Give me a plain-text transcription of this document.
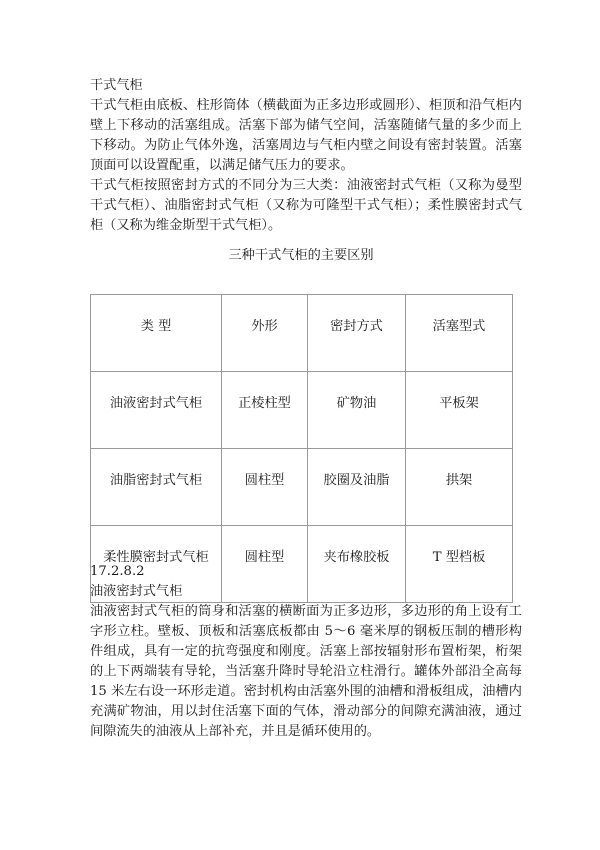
干式气柜

干式气柜由底板、柱形筒体（横截面为正多边形或圆形）、柜顶和沿气柜内壁上下移动的活塞组成。活塞下部为储气空间，活塞随储气量的多少而上下移动。为防止气体外逸，活塞周边与气柜内壁之间设有密封装置。活塞顶面可以设置配重，以满足储气压力的要求。

干式气柜按照密封方式的不同分为三大类：油液密封式气柜（又称为曼型干式气柜）、油脂密封式气柜（又称为可隆型干式气柜）；柔性膜密封式气柜（又称为维金斯型干式气柜）。

三种干式气柜的主要区别
类 型	外形	密封方式	活塞型式
油液密封式气柜	正棱柱型	矿物油	平板架
油脂密封式气柜	圆柱型	胶圈及油脂	拱架
柔性膜密封式气柜	圆柱型	夹布橡胶板	T 型档板

17.2.8.2

油液密封式气柜

油液密封式气柜的筒身和活塞的横断面为正多边形，多边形的角上设有工字形立柱。壁板、顶板和活塞底板都由 5～6 毫米厚的钢板压制的槽形构件组成，具有一定的抗弯强度和刚度。活塞上部按辐射形布置桁架，桁架的上下两端装有导轮，当活塞升降时导轮沿立柱滑行。罐体外部沿全高每 15 米左右设一环形走道。密封机构由活塞外围的油槽和滑板组成，油槽内充满矿物油，用以封住活塞下面的气体，滑动部分的间隙充满油液，通过间隙流失的油液从上部补充，并且是循环使用的。
